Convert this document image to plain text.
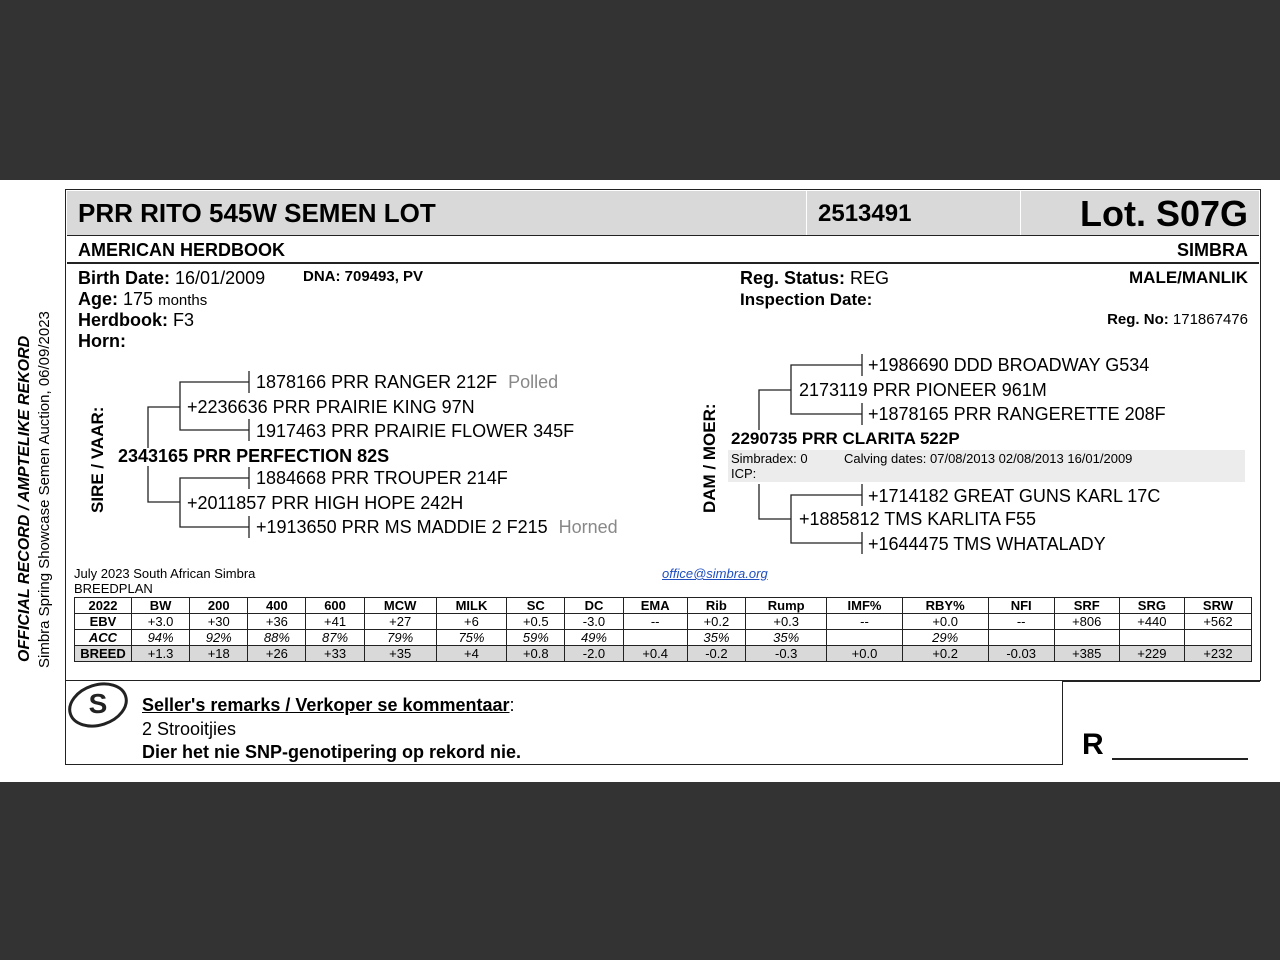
OFFICIAL RECORD / AMPTELIKE REKORD Simbra Spring Showcase Semen Auction, 06/09/2023
PRR RITO 545W SEMEN LOT	2513491	Lot. S07G
AMERICAN HERDBOOK	SIMBRA
Birth Date: 16/01/2009	DNA: 709493, PV
Age: 175 months
Herdbook: F3
Horn:
Reg. Status: REG
Inspection Date:
MALE/MANLIK
Reg. No: 171867476
SIRE / VAAR:
1878166 PRR RANGER 212F Polled
+2236636 PRR PRAIRIE KING 97N
1917463 PRR PRAIRIE FLOWER 345F
2343165 PRR PERFECTION 82S
1884668 PRR TROUPER 214F
+2011857 PRR HIGH HOPE 242H
+1913650 PRR MS MADDIE 2 F215 Horned
DAM / MOER:
+1986690 DDD BROADWAY G534
2173119 PRR PIONEER 961M
+1878165 PRR RANGERETTE 208F
2290735 PRR CLARITA 522P
Simbradex: 0	Calving dates: 07/08/2013 02/08/2013 16/01/2009
ICP:
+1714182 GREAT GUNS KARL 17C
+1885812 TMS KARLITA F55
+1644475 TMS WHATALADY
July 2023 South African Simbra
BREEDPLAN
office@simbra.org
2022	BW	200	400	600	MCW	MILK	SC	DC	EMA	Rib	Rump	IMF%	RBY%	NFI	SRF	SRG	SRW
EBV	+3.0	+30	+36	+41	+27	+6	+0.5	-3.0	--	+0.2	+0.3	--	+0.0	--	+806	+440	+562
ACC	94%	92%	88%	87%	79%	75%	59%	49%		35%	35%		29%				
BREED	+1.3	+18	+26	+33	+35	+4	+0.8	-2.0	+0.4	-0.2	-0.3	+0.0	+0.2	-0.03	+385	+229	+232
S Seller's remarks / Verkoper se kommentaar:
2 Strooitjies
Dier het nie SNP-genotipering op rekord nie.	R
